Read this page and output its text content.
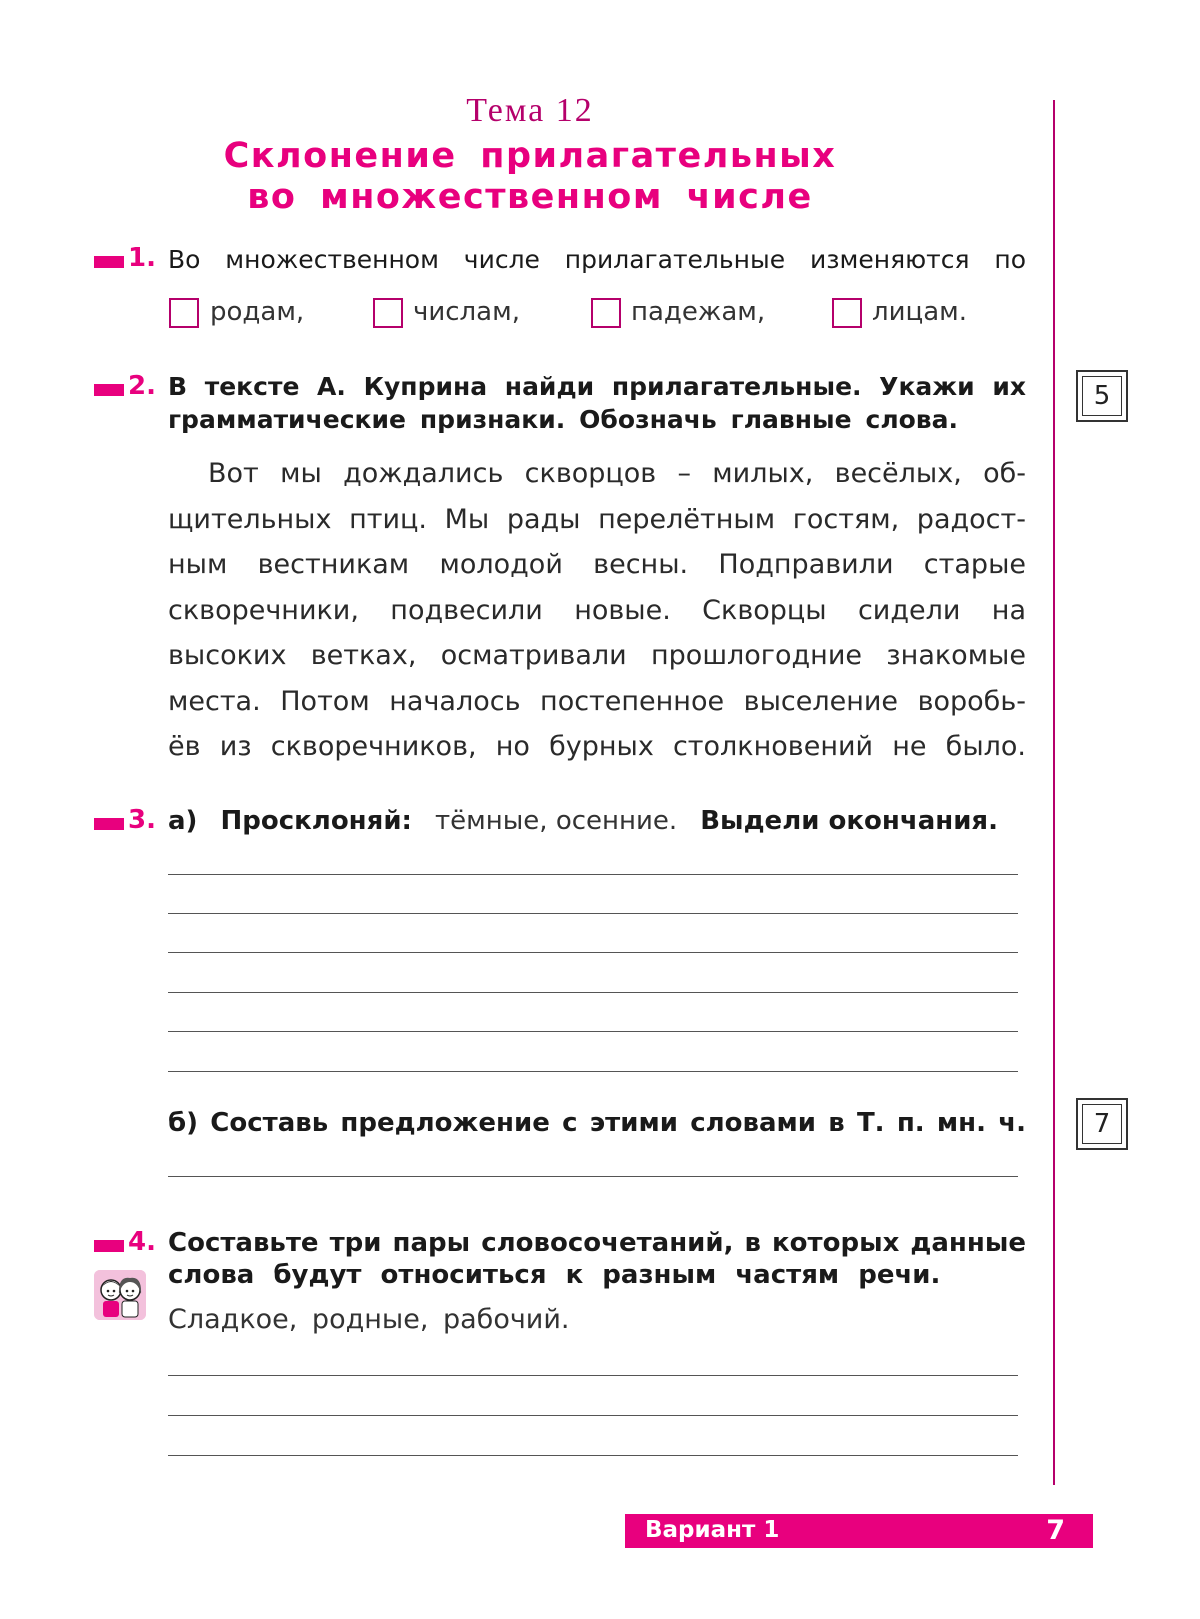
Тема 12
Склонение прилагательных
во множественном числе
1. Во множественном числе прилагательные изменяются по
родам,	числам,	падежам,	лицам.
2. В тексте А. Куприна найди прилагательные. Укажи их
грамматические признаки. Обозначь главные слова.
5
Вот мы дождались скворцов – милых, весёлых, об-
щительных птиц. Мы рады перелётным гостям, радост-
ным вестникам молодой весны. Подправили старые
скворечники, подвесили новые. Скворцы сидели на
высоких ветках, осматривали прошлогодние знакомые
места. Потом началось постепенное выселение воробь-
ёв из скворечников, но бурных столкновений не было.
3. а) Просклоняй: тёмные, осенние. Выдели окончания.
б) Составь предложение с этими словами в Т. п. мн. ч.	7
4. Составьте три пары словосочетаний, в которых данные
слова будут относиться к разным частям речи.
Сладкое, родные, рабочий.
Вариант 1	7
